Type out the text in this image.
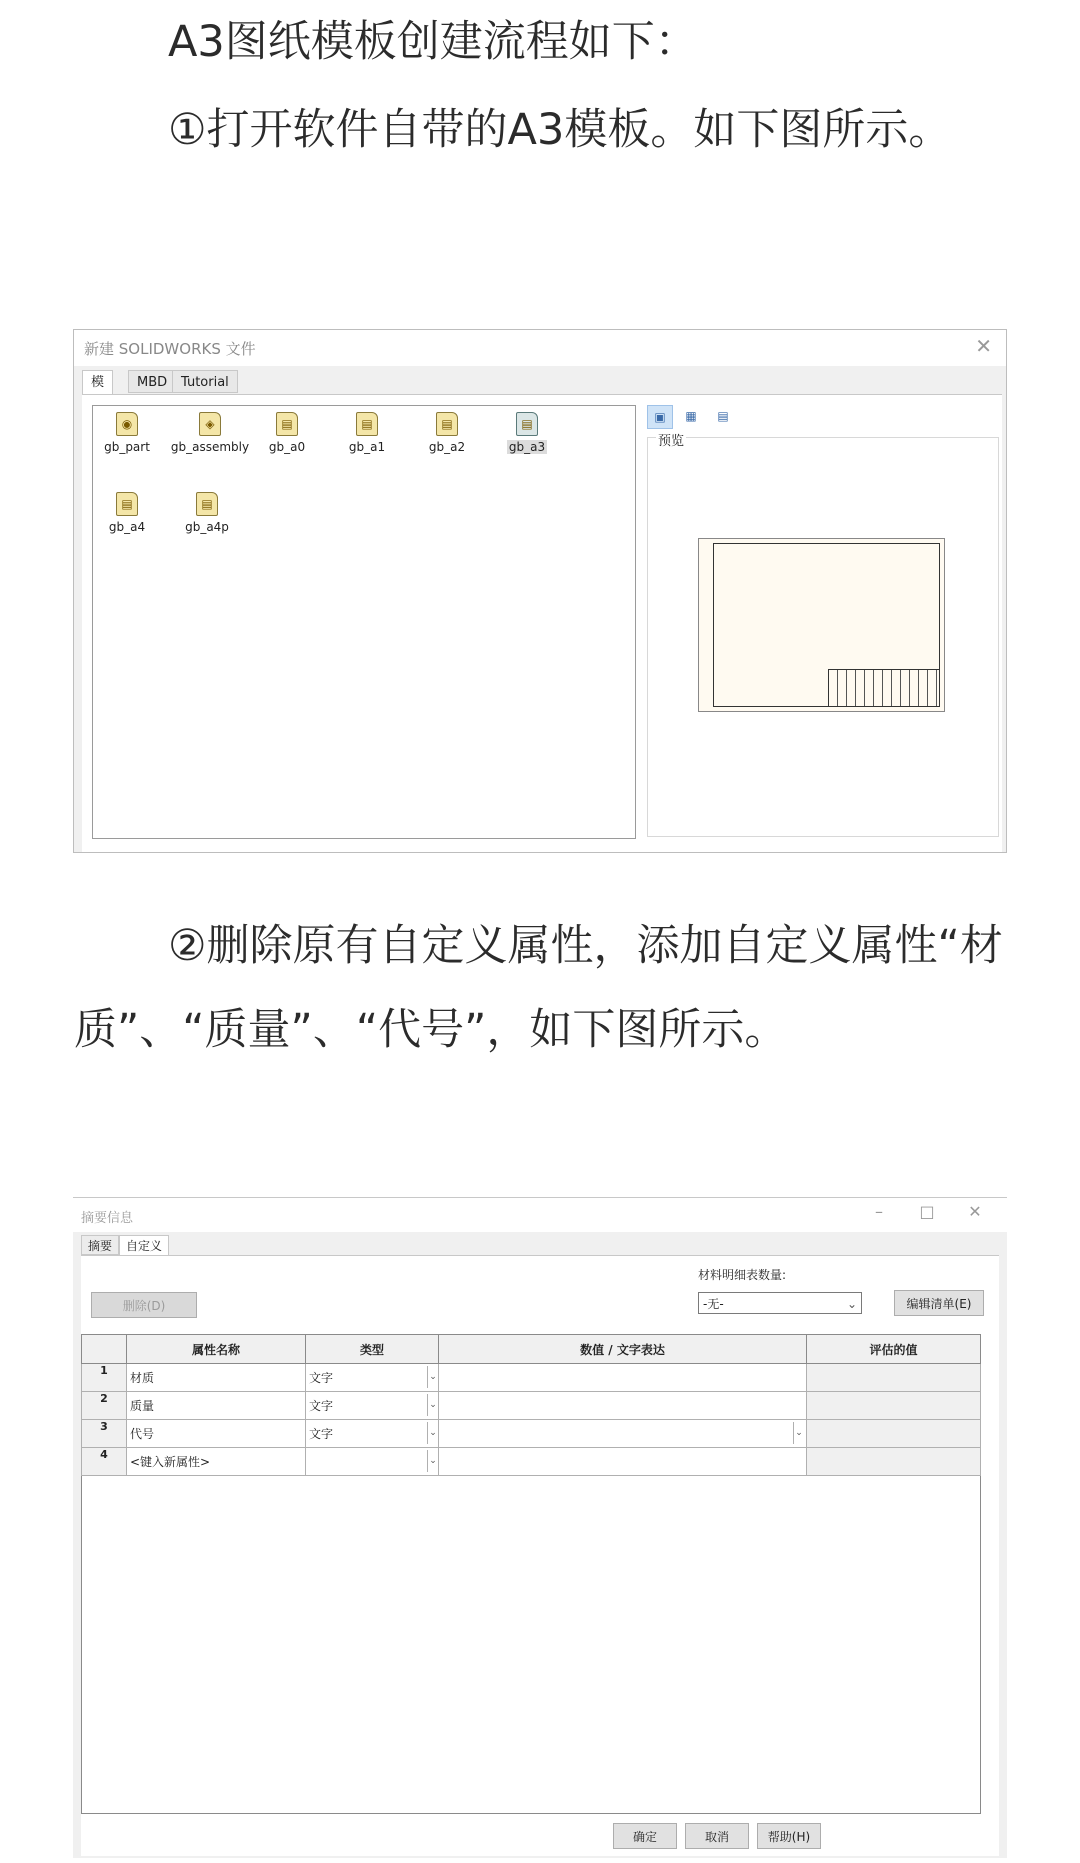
A3图纸模板创建流程如下：
①打开软件自带的A3模板。如下图所示。
新建 SOLIDWORKS 文件	✕
模	MBD	Tutorial
◉
gb_part
◈
gb_assembly
▤
gb_a0
▤
gb_a1
▤
gb_a2
▤
gb_a3
▤
gb_a4
▤
gb_a4p
▣	▦	▤
预览
②删除原有自定义属性，添加自定义属性“材质”、“质量”、“代号”，如下图所示。
摘要信息	– □ ✕
摘要	自定义
删除(D)
材料明细表数量:
-无-	⌄	编辑清单(E)
	属性名称	类型	数值 / 文字表达	评估的值
1	材质	文字 ⌄		

2	质量	文字 ⌄		

3	代号	文字 ⌄	⌄	

4	<键入新属性>	⌄		

确定	取消	帮助(H)
